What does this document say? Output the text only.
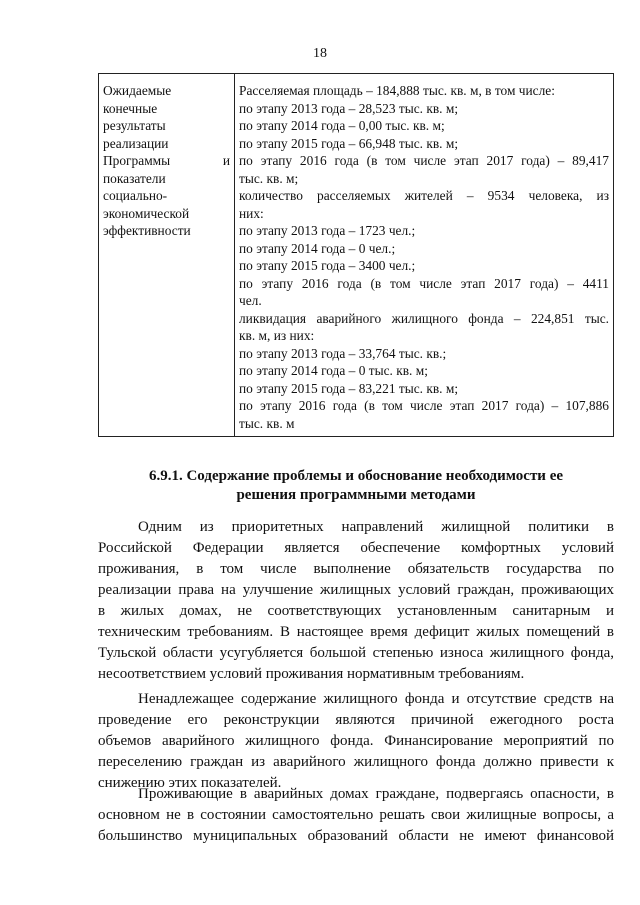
18
Ожидаемые
конечные
результаты
реализации
Программы	и
показатели
социально-
экономической
эффективности

Расселяемая площадь – 184,888 тыс. кв. м, в том числе:
по этапу 2013 года – 28,523 тыс. кв. м;
по этапу 2014 года – 0,00 тыс. кв. м;
по этапу 2015 года – 66,948 тыс. кв. м;
по этапу 2016 года (в том числе этап 2017 года) – 89,417
тыс. кв. м;
количество расселяемых жителей – 9534 человека, из
них:
по этапу 2013 года – 1723 чел.;
по этапу 2014 года – 0 чел.;
по этапу 2015 года – 3400 чел.;
по этапу 2016 года (в том числе этап 2017 года) – 4411
чел.
ликвидация аварийного жилищного фонда – 224,851 тыс.
кв. м, из них:
по этапу 2013 года – 33,764 тыс. кв.;
по этапу 2014 года – 0 тыс. кв. м;
по этапу 2015 года – 83,221 тыс. кв. м;
по этапу 2016 года (в том числе этап 2017 года) – 107,886
тыс. кв. м
6.9.1. Содержание проблемы и обоснование необходимости ее
решения программными методами
Одним из приоритетных направлений жилищной политики в
Российской Федерации является обеспечение комфортных условий
проживания, в том числе выполнение обязательств государства по
реализации права на улучшение жилищных условий граждан, проживающих
в жилых домах, не соответствующих установленным санитарным и
техническим требованиям. В настоящее время дефицит жилых помещений в
Тульской области усугубляется большой степенью износа жилищного фонда,
несоответствием условий проживания нормативным требованиям.
Ненадлежащее содержание жилищного фонда и отсутствие средств на
проведение его реконструкции являются причиной ежегодного роста
объемов аварийного жилищного фонда. Финансирование мероприятий по
переселению граждан из аварийного жилищного фонда должно привести к
снижению этих показателей.
Проживающие в аварийных домах граждане, подвергаясь опасности, в
основном не в состоянии самостоятельно решать свои жилищные вопросы, а
большинство муниципальных образований области не имеют финансовой
